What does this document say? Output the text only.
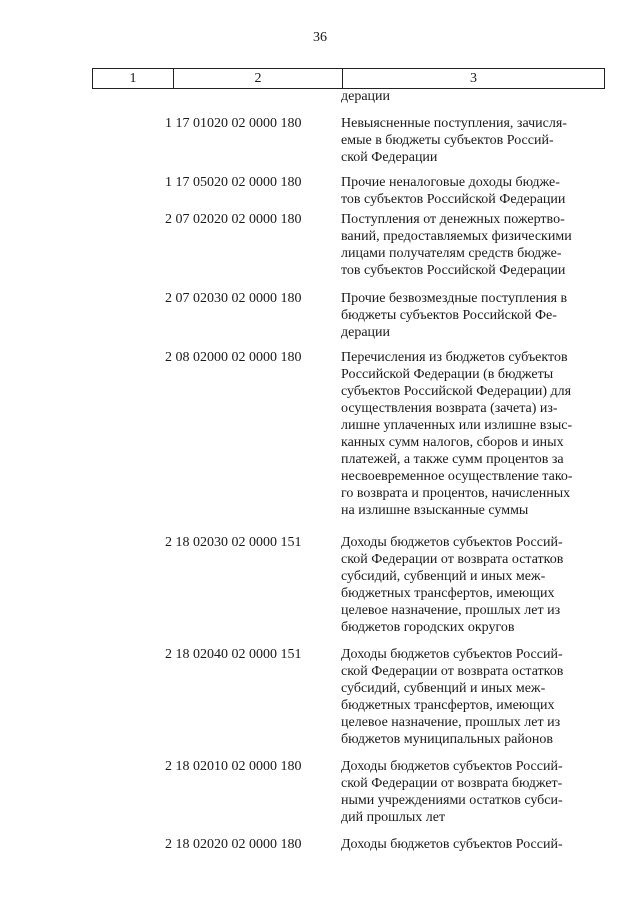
36
1	2	3
дерации
1 17 01020 02 0000 180	Невыясненные поступления, зачисля-
емые в бюджеты субъектов Россий-
ской Федерации
1 17 05020 02 0000 180	Прочие неналоговые доходы бюдже-
тов субъектов Российской Федерации
2 07 02020 02 0000 180	Поступления от денежных пожертво-
ваний, предоставляемых физическими
лицами получателям средств бюдже-
тов субъектов Российской Федерации
2 07 02030 02 0000 180	Прочие безвозмездные поступления в
бюджеты субъектов Российской Фе-
дерации
2 08 02000 02 0000 180	Перечисления из бюджетов субъектов
Российской Федерации (в бюджеты
субъектов Российской Федерации) для
осуществления возврата (зачета) из-
лишне уплаченных или излишне взыс-
канных сумм налогов, сборов и иных
платежей, а также сумм процентов за
несвоевременное осуществление тако-
го возврата и процентов, начисленных
на излишне взысканные суммы
2 18 02030 02 0000 151	Доходы бюджетов субъектов Россий-
ской Федерации от возврата остатков
субсидий, субвенций и иных меж-
бюджетных трансфертов, имеющих
целевое назначение, прошлых лет из
бюджетов городских округов
2 18 02040 02 0000 151	Доходы бюджетов субъектов Россий-
ской Федерации от возврата остатков
субсидий, субвенций и иных меж-
бюджетных трансфертов, имеющих
целевое назначение, прошлых лет из
бюджетов муниципальных районов
2 18 02010 02 0000 180	Доходы бюджетов субъектов Россий-
ской Федерации от возврата бюджет-
ными учреждениями остатков субси-
дий прошлых лет
2 18 02020 02 0000 180	Доходы бюджетов субъектов Россий-
